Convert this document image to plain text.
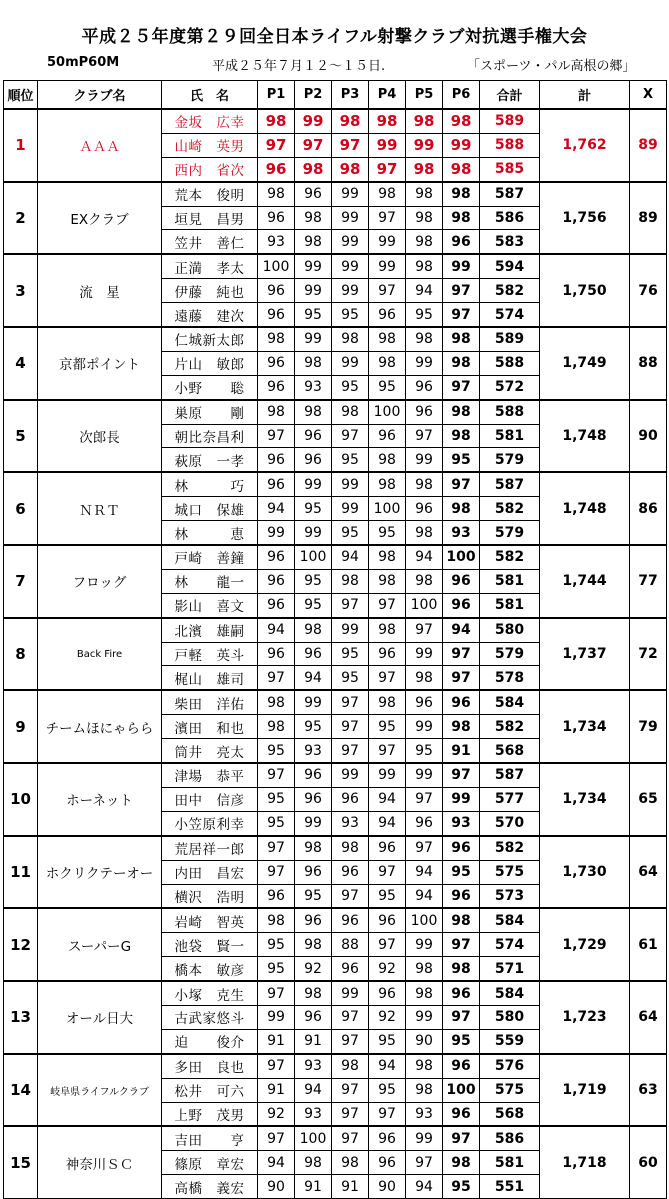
平成２５年度第２９回全日本ライフル射撃クラブ対抗選手権大会
50mP60M	平成２５年７月１２～１５日.	「スポーツ・パル高根の郷」
順位	クラブ名	氏　名	P1	P2	P3	P4	P5	P6	合計	計	X
1	ＡＡＡ	金坂　広幸	98	99	98	98	98	98	589	1,762	89
		山崎　英男	97	97	97	99	99	99	588		
		西内　省次	96	98	98	97	98	98	585		
2	EXクラブ	荒本　俊明	98	96	99	98	98	98	587	1,756	89
		垣見　昌男	96	98	99	97	98	98	586		
		笠井　善仁	93	98	99	99	98	96	583		
3	流　星	正満　孝太	100	99	99	99	98	99	594	1,750	76
		伊藤　純也	96	99	99	97	94	97	582		
		遠藤　建次	96	95	95	96	95	97	574		
4	京都ポイント	仁城新太郎	98	99	98	98	98	98	589	1,749	88
		片山　敏郎	96	98	99	98	99	98	588		
		小野　　聡	96	93	95	95	96	97	572		
5	次郎長	巣原　　剛	98	98	98	100	96	98	588	1,748	90
		朝比奈昌利	97	96	97	96	97	98	581		
		萩原　一孝	96	96	95	98	99	95	579		
6	ＮＲＴ	林　　　巧	96	99	99	98	98	97	587	1,748	86
		城口　保雄	94	95	99	100	96	98	582		
		林　　　恵	99	99	95	95	98	93	579		
7	フロッグ	戸崎　善鐘	96	100	94	98	94	100	582	1,744	77
		林　　龍一	96	95	98	98	98	96	581		
		影山　喜文	96	95	97	97	100	96	581		
8	Back Fire	北濱　雄嗣	94	98	99	98	97	94	580	1,737	72
		戸軽　英斗	96	96	95	96	99	97	579		
		梶山　雄司	97	94	95	97	98	97	578		
9	チームほにゃらら	柴田　洋佑	98	99	97	98	96	96	584	1,734	79
		濱田　和也	98	95	97	95	99	98	582		
		筒井　亮太	95	93	97	97	95	91	568		
10	ホーネット	津場　恭平	97	96	99	99	99	97	587	1,734	65
		田中　信彦	95	96	96	94	97	99	577		
		小笠原利幸	95	99	93	94	96	93	570		
11	ホクリクテーオー	荒居祥一郎	97	98	98	96	97	96	582	1,730	64
		内田　昌宏	97	96	96	97	94	95	575		
		横沢　浩明	96	95	97	95	94	96	573		
12	スーパーG	岩崎　智英	98	96	96	96	100	98	584	1,729	61
		池袋　賢一	95	98	88	97	99	97	574		
		橋本　敏彦	95	92	96	92	98	98	571		
13	オール日大	小塚　克生	97	98	99	96	98	96	584	1,723	64
		古武家悠斗	99	96	97	92	99	97	580		
		迫　　俊介	91	91	97	95	90	95	559		
14	岐阜県ライフルクラブ	多田　良也	97	93	98	94	98	96	576	1,719	63
		松井　可六	91	94	97	95	98	100	575		
		上野　茂男	92	93	97	97	93	96	568		
15	神奈川ＳＣ	吉田　　亨	97	100	97	96	99	97	586	1,718	60
		篠原　章宏	94	98	98	96	97	98	581		
		高橋　義宏	90	91	91	90	94	95	551		
